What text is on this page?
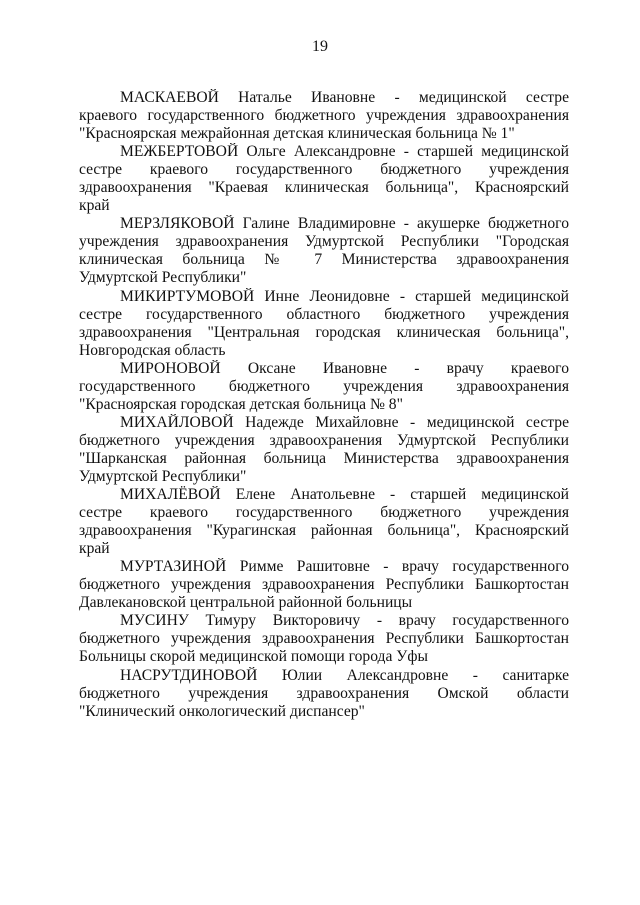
19
МАСКАЕВОЙ Наталье Ивановне - медицинской сестре
краевого государственного бюджетного учреждения здравоохранения
"Красноярская межрайонная детская клиническая больница № 1"
МЕЖБЕРТОВОЙ Ольге Александровне - старшей медицинской
сестре краевого государственного бюджетного учреждения
здравоохранения "Краевая клиническая больница", Красноярский
край
МЕРЗЛЯКОВОЙ Галине Владимировне - акушерке бюджетного
учреждения здравоохранения Удмуртской Республики "Городская
клиническая больница № 7 Министерства здравоохранения
Удмуртской Республики"
МИКИРТУМОВОЙ Инне Леонидовне - старшей медицинской
сестре государственного областного бюджетного учреждения
здравоохранения "Центральная городская клиническая больница",
Новгородская область
МИРОНОВОЙ Оксане Ивановне - врачу краевого
государственного бюджетного учреждения здравоохранения
"Красноярская городская детская больница № 8"
МИХАЙЛОВОЙ Надежде Михайловне - медицинской сестре
бюджетного учреждения здравоохранения Удмуртской Республики
"Шарканская районная больница Министерства здравоохранения
Удмуртской Республики"
МИХАЛЁВОЙ Елене Анатольевне - старшей медицинской
сестре краевого государственного бюджетного учреждения
здравоохранения "Курагинская районная больница", Красноярский
край
МУРТАЗИНОЙ Римме Рашитовне - врачу государственного
бюджетного учреждения здравоохранения Республики Башкортостан
Давлекановской центральной районной больницы
МУСИНУ Тимуру Викторовичу - врачу государственного
бюджетного учреждения здравоохранения Республики Башкортостан
Больницы скорой медицинской помощи города Уфы
НАСРУТДИНОВОЙ Юлии Александровне - санитарке
бюджетного учреждения здравоохранения Омской области
"Клинический онкологический диспансер"
